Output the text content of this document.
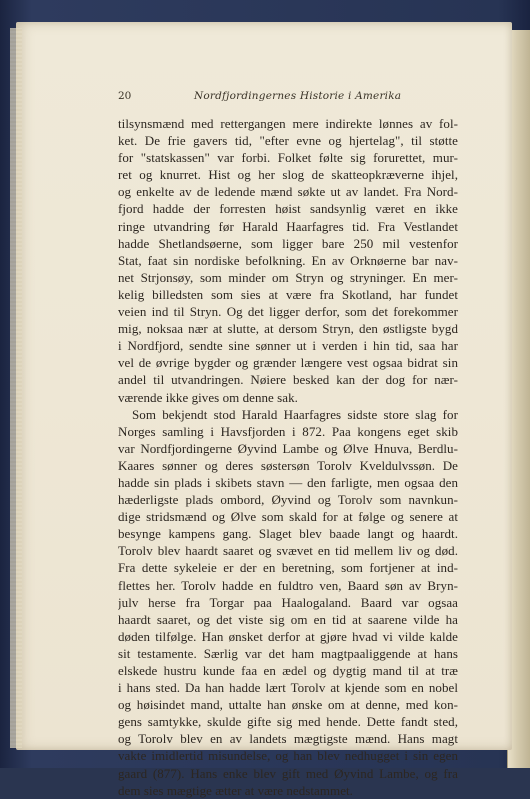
20	Nordfjordingernes Historie i Amerika
tilsynsmænd med rettergangen mere indirekte lønnes av fol-
ket. De frie gavers tid, "efter evne og hjertelag", til støtte
for "statskassen" var forbi. Folket følte sig forurettet, mur-
ret og knurret. Hist og her slog de skatteopkræverne ihjel,
og enkelte av de ledende mænd søkte ut av landet. Fra Nord-
fjord hadde der forresten høist sandsynlig været en ikke
ringe utvandring før Harald Haarfagres tid. Fra Vestlandet
hadde Shetlandsøerne, som ligger bare 250 mil vestenfor
Stat, faat sin nordiske befolkning. En av Orknøerne bar nav-
net Strjonsøy, som minder om Stryn og stryninger. En mer-
kelig billedsten som sies at være fra Skotland, har fundet
veien ind til Stryn. Og det ligger derfor, som det forekommer
mig, noksaa nær at slutte, at dersom Stryn, den østligste bygd
i Nordfjord, sendte sine sønner ut i verden i hin tid, saa har
vel de øvrige bygder og grænder længere vest ogsaa bidrat sin
andel til utvandringen. Nøiere besked kan der dog for nær-
værende ikke gives om denne sak.
Som bekjendt stod Harald Haarfagres sidste store slag for
Norges samling i Havsfjorden i 872. Paa kongens eget skib
var Nordfjordingerne Øyvind Lambe og Ølve Hnuva, Berdlu-
Kaares sønner og deres søstersøn Torolv Kveldulvssøn. De
hadde sin plads i skibets stavn — den farligte, men ogsaa den
hæderligste plads ombord, Øyvind og Torolv som navnkun-
dige stridsmænd og Ølve som skald for at følge og senere at
besynge kampens gang. Slaget blev baade langt og haardt.
Torolv blev haardt saaret og svævet en tid mellem liv og død.
Fra dette sykeleie er der en beretning, som fortjener at ind-
flettes her. Torolv hadde en fuldtro ven, Baard søn av Bryn-
julv herse fra Torgar paa Haalogaland. Baard var ogsaa
haardt saaret, og det viste sig om en tid at saarene vilde ha
døden tilfølge. Han ønsket derfor at gjøre hvad vi vilde kalde
sit testamente. Særlig var det ham magtpaaliggende at hans
elskede hustru kunde faa en ædel og dygtig mand til at træ
i hans sted. Da han hadde lært Torolv at kjende som en nobel
og høisindet mand, uttalte han ønske om at denne, med kon-
gens samtykke, skulde gifte sig med hende. Dette fandt sted,
og Torolv blev en av landets mægtigste mænd. Hans magt
vakte imidlertid misundelse, og han blev nedhugget i sin egen
gaard (877). Hans enke blev gift med Øyvind Lambe, og fra
dem sies mægtige ætter at være nedstammet.
